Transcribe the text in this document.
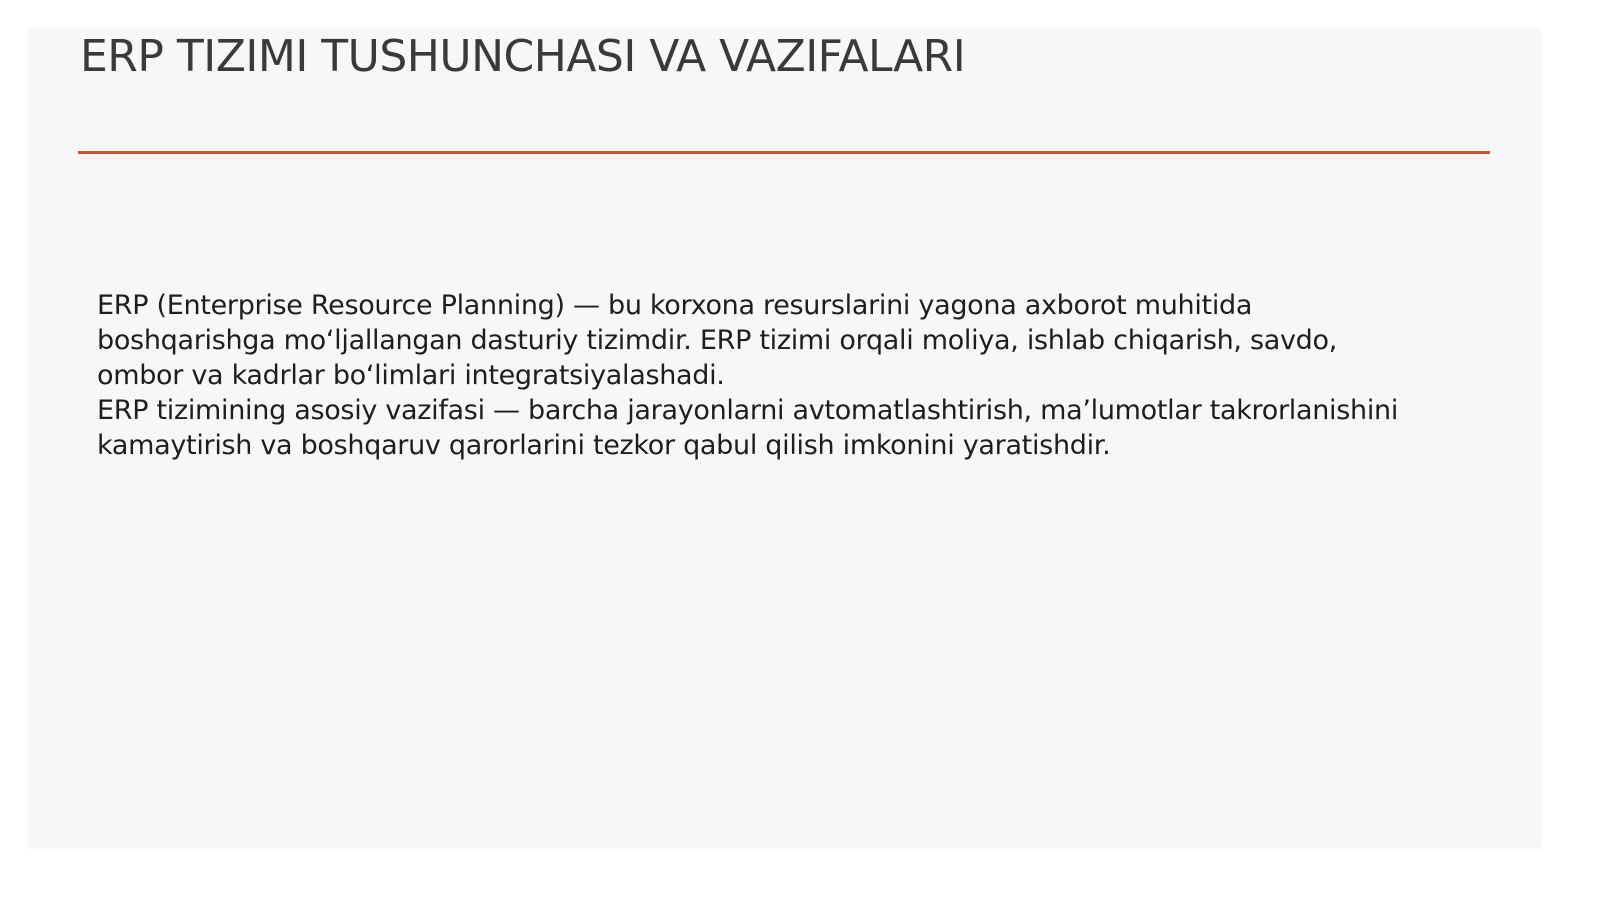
ERP TIZIMI TUSHUNCHASI VA VAZIFALARI

ERP (Enterprise Resource Planning) — bu korxona resurslarini yagona axborot muhitida boshqarishga mo‘ljallangan dasturiy tizimdir. ERP tizimi orqali moliya, ishlab chiqarish, savdo, ombor va kadrlar bo‘limlari integratsiyalashadi.

ERP tizimining asosiy vazifasi — barcha jarayonlarni avtomatlashtirish, ma’lumotlar takrorlanishini kamaytirish va boshqaruv qarorlarini tezkor qabul qilish imkonini yaratishdir.
